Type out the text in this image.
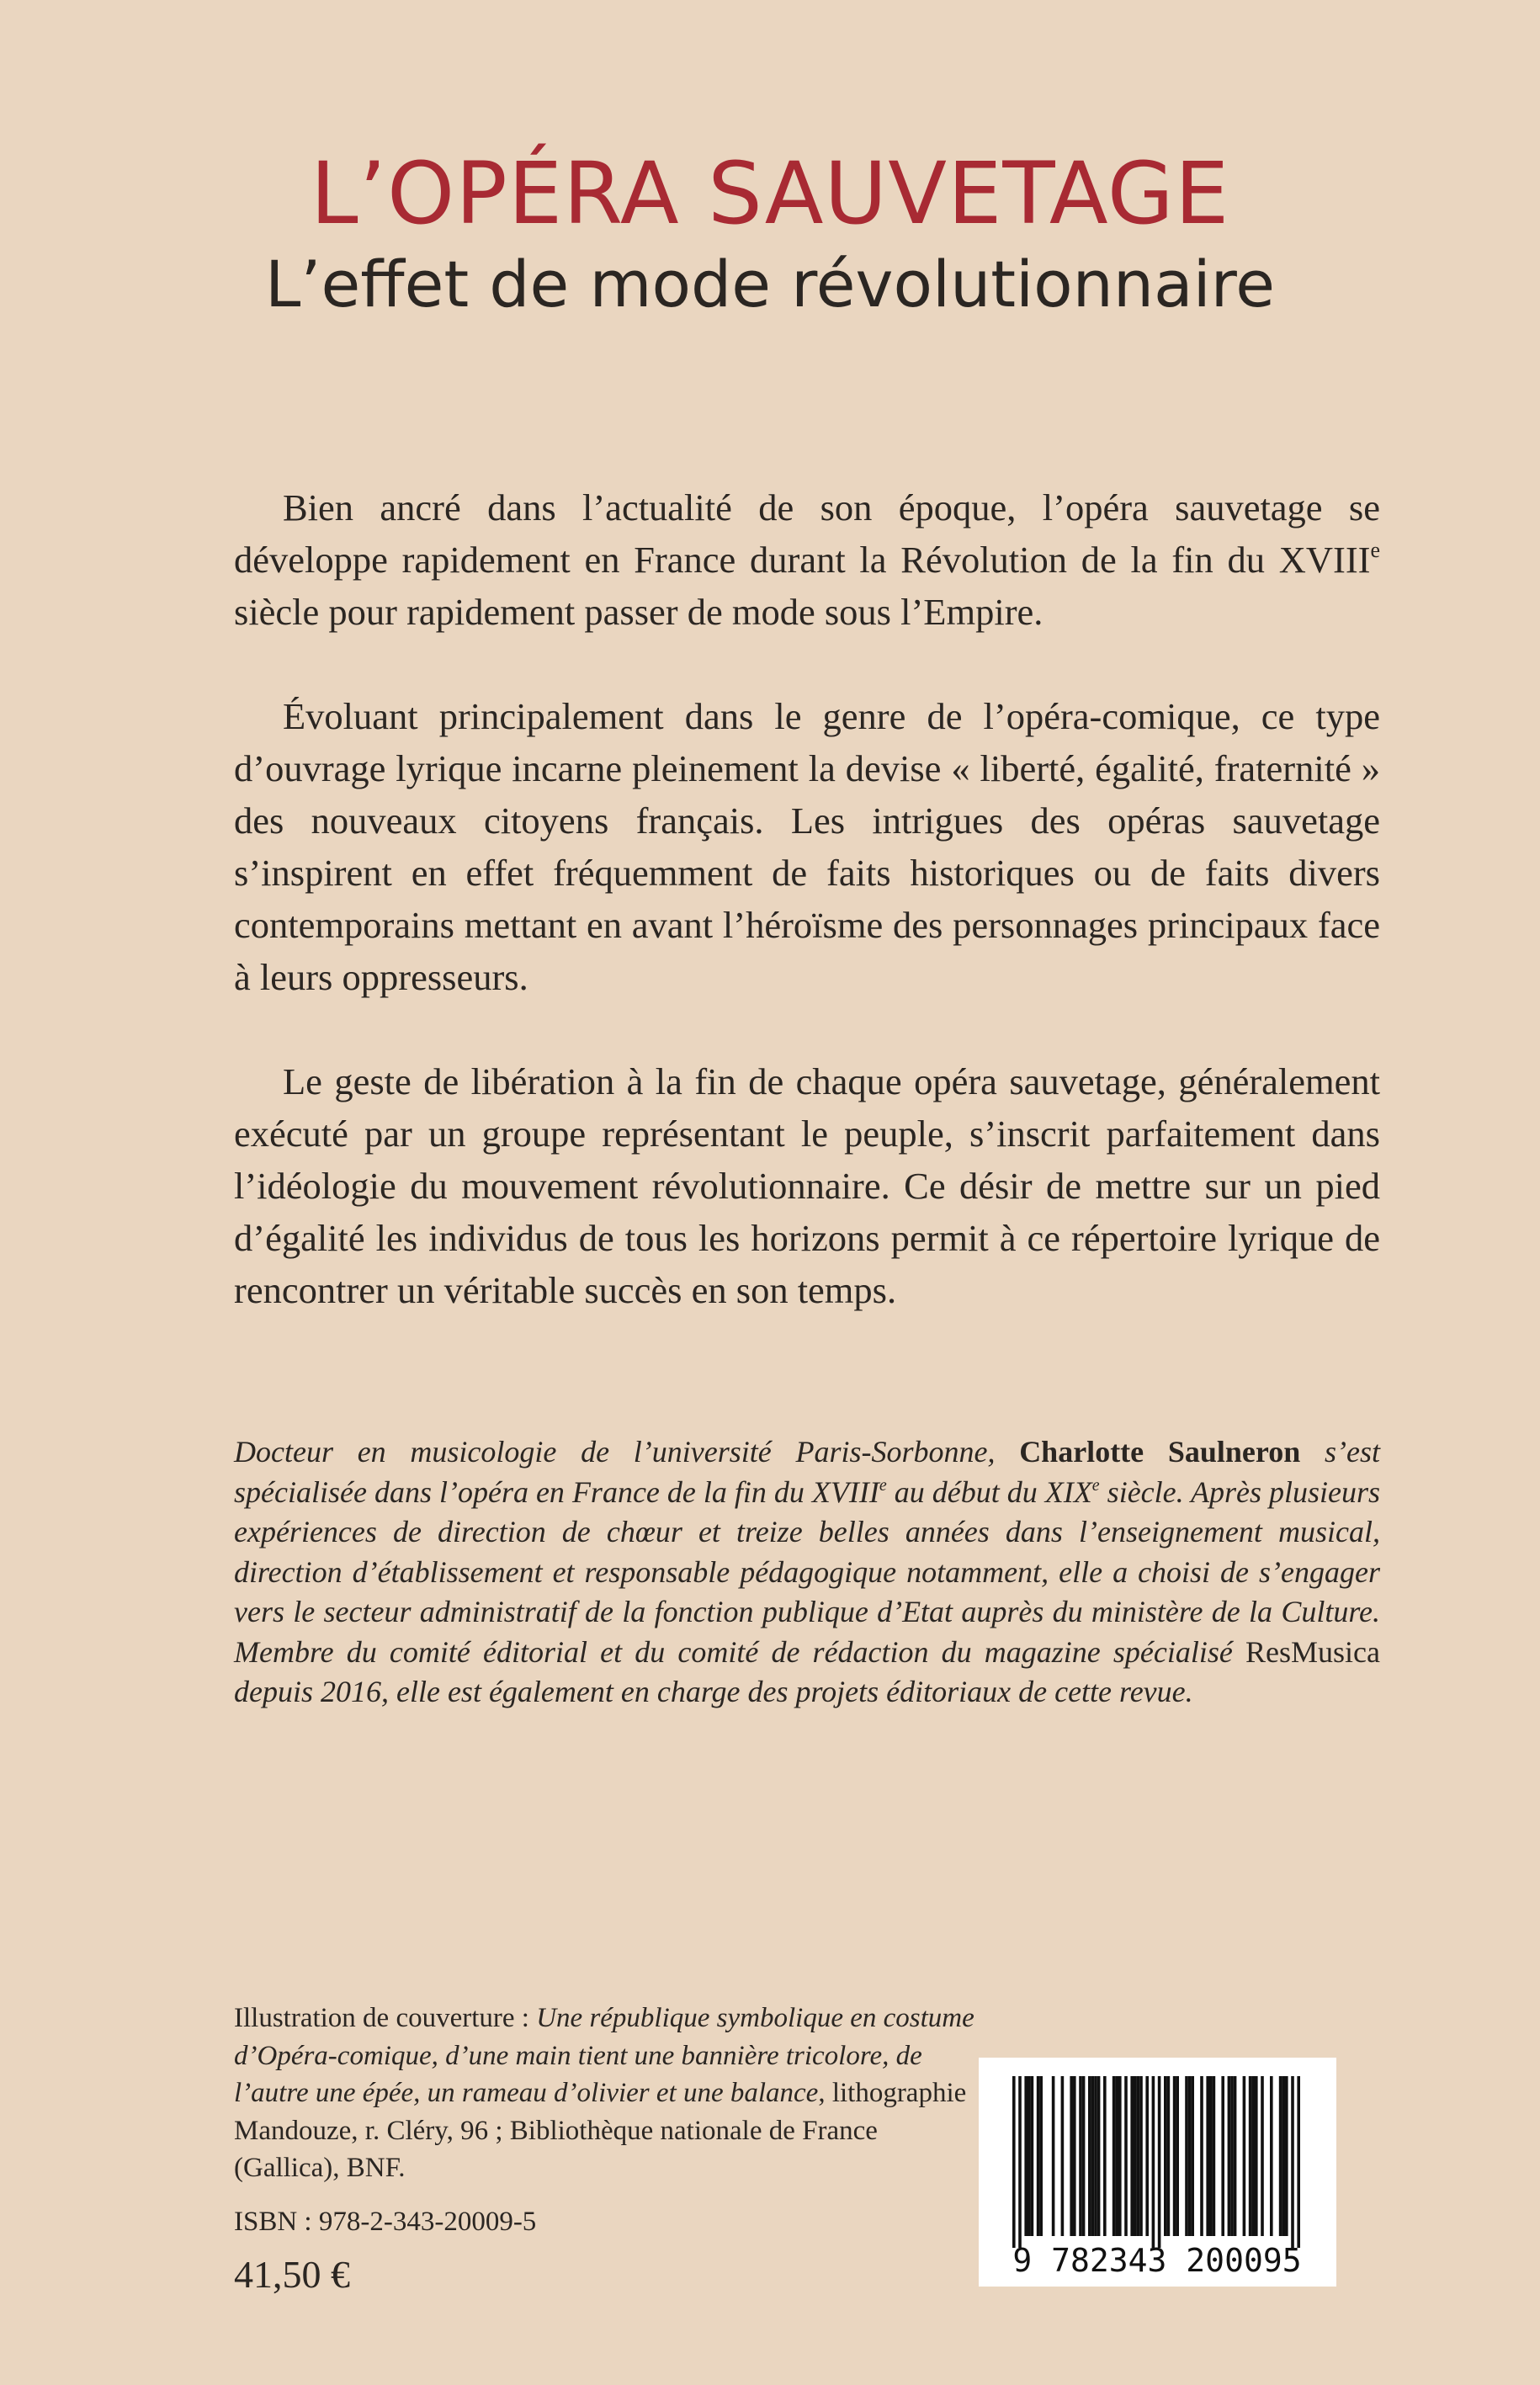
L’OPÉRA SAUVETAGE
L’effet de mode révolutionnaire

Bien ancré dans l’actualité de son époque, l’opéra sauvetage se développe rapidement en France durant la Révolution de la fin du XVIIIe siècle pour rapidement passer de mode sous l’Empire.

Évoluant principalement dans le genre de l’opéra-comique, ce type d’ouvrage lyrique incarne pleinement la devise « liberté, égalité, fraternité » des nouveaux citoyens français. Les intrigues des opéras sauvetage s’inspirent en effet fréquemment de faits historiques ou de faits divers contemporains mettant en avant l’héroïsme des personnages principaux face à leurs oppresseurs.

Le geste de libération à la fin de chaque opéra sauvetage, généralement exécuté par un groupe représentant le peuple, s’inscrit parfaitement dans l’idéologie du mouvement révolutionnaire. Ce désir de mettre sur un pied d’égalité les individus de tous les horizons permit à ce répertoire lyrique de rencontrer un véritable succès en son temps.

Docteur en musicologie de l’université Paris-Sorbonne, Charlotte Saulneron s’est spécialisée dans l’opéra en France de la fin du XVIIIe au début du XIXe siècle. Après plusieurs expériences de direction de chœur et treize belles années dans l’enseignement musical, direction d’établissement et responsable pédagogique notamment, elle a choisi de s’engager vers le secteur administratif de la fonction publique d’Etat auprès du ministère de la Culture. Membre du comité éditorial et du comité de rédaction du magazine spécialisé ResMusica depuis 2016, elle est également en charge des projets éditoriaux de cette revue.

Illustration de couverture : Une république symbolique en costume d’Opéra-comique, d’une main tient une bannière tricolore, de l’autre une épée, un rameau d’olivier et une balance, lithographie Mandouze, r. Cléry, 96 ; Bibliothèque nationale de France (Gallica), BNF.
ISBN : 978-2-343-20009-5
41,50 €	9 782343 200095
